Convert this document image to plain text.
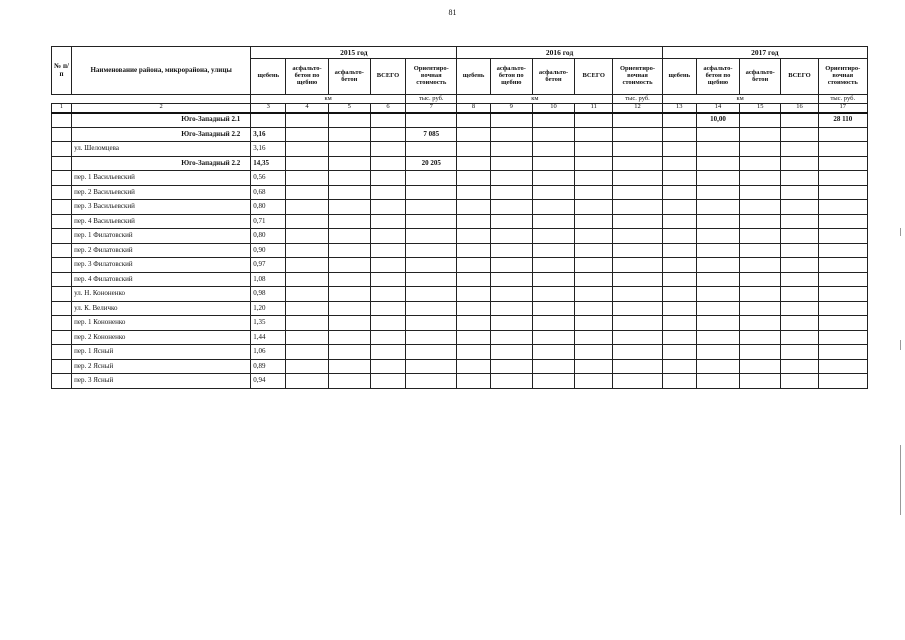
81
№ п/п	Наименование района, микрорайона, улицы	2015 год					2016 год					2017 год				
		щебень	асфальто-бетон по щебню	асфальто-бетон	ВСЕГО	Ориентиро-вочная стоимость	щебень	асфальто-бетон по щебню	асфальто-бетон	ВСЕГО	Ориентиро-вочная стоимость	щебень	асфальто-бетон по щебню	асфальто-бетон	ВСЕГО	Ориентиро-вочная стоимость
		км				тыс. руб.	км				тыс. руб.	км				тыс. руб.
1	2	3	4	5	6	7	8	9	10	11	12	13	14	15	16	17
	Юго-Западный 2.1												10,00			28 110
	Юго-Западный 2.2	3,16				7 085										
	ул. Шеломцева	3,16														
	Юго-Западный 2.2	14,35				20 205										
	пер. 1 Васильевский	0,56														
	пер. 2 Васильевский	0,68														
	пер. 3 Васильевский	0,80														
	пер. 4 Васильевский	0,71														
	пер. 1 Филатовский	0,80														
	пер. 2 Филатовский	0,90														
	пер. 3 Филатовский	0,97														
	пер. 4 Филатовский	1,08														
	ул. Н. Кононенко	0,98														
	ул. К. Величко	1,20														
	пер. 1 Кононенко	1,35														
	пер. 2 Кононенко	1,44														
	пер. 1 Ясный	1,06														
	пер. 2 Ясный	0,89														
	пер. 3 Ясный	0,94														
